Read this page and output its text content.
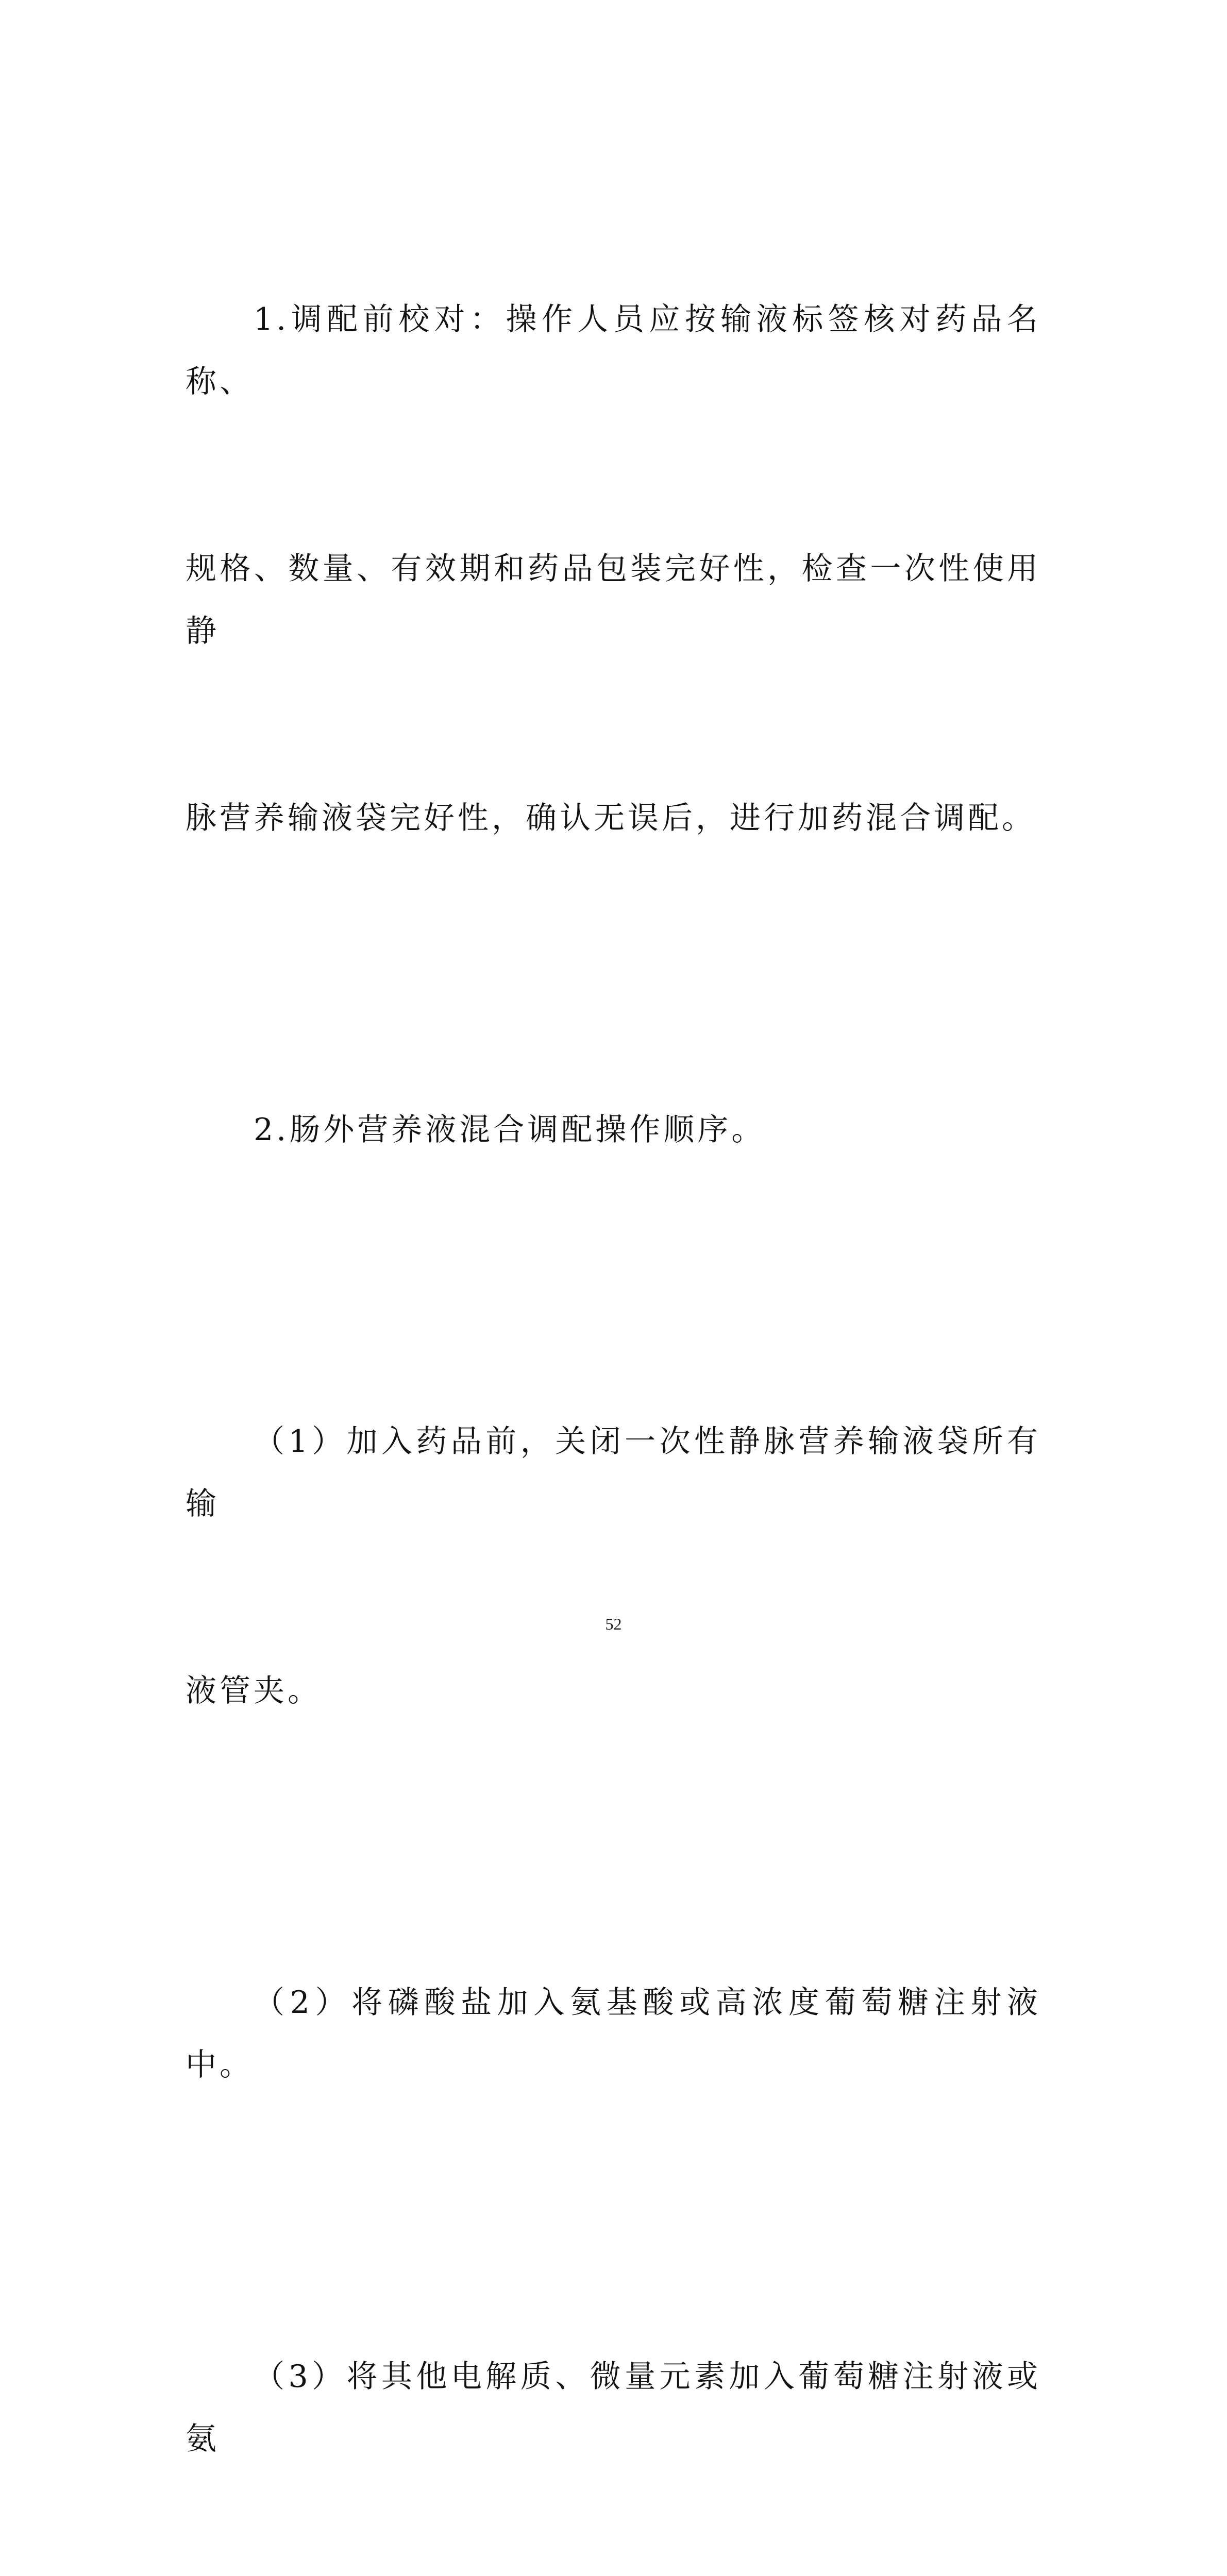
1.调配前校对：操作人员应按输液标签核对药品名称、

规格、数量、有效期和药品包装完好性，检查一次性使用静

脉营养输液袋完好性，确认无误后，进行加药混合调配。

2.肠外营养液混合调配操作顺序。

（1）加入药品前，关闭一次性静脉营养输液袋所有输

液管夹。

（2）将磷酸盐加入氨基酸或高浓度葡萄糖注射液中。

（3）将其他电解质、微量元素加入葡萄糖注射液或氨

52
